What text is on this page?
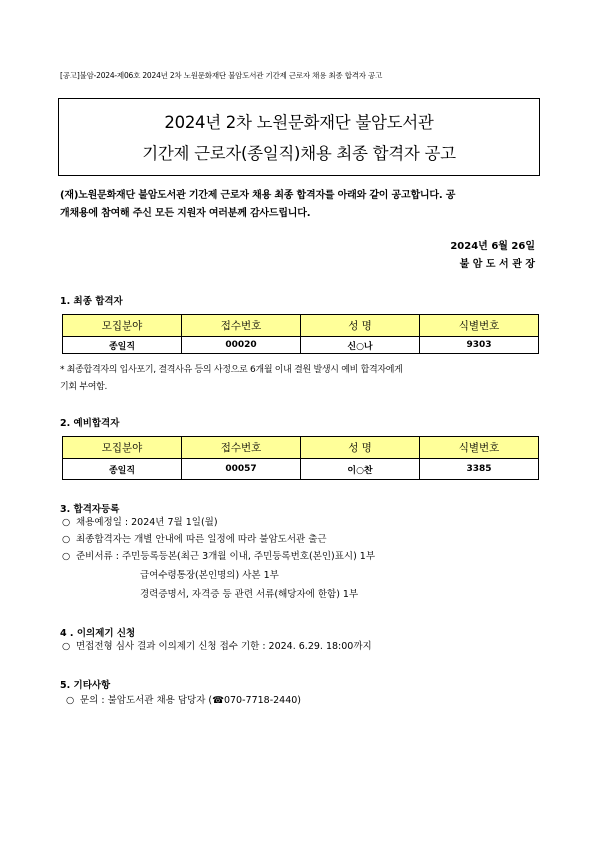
[공고]불암-2024-제06호 2024년 2차 노원문화재단 불암도서관 기간제 근로자 채용 최종 합격자 공고
2024년 2차 노원문화재단 불암도서관
기간제 근로자(종일직)채용 최종 합격자 공고
(재)노원문화재단 불암도서관 기간제 근로자 채용 최종 합격자를 아래와 같이 공고합니다. 공
개채용에 참여해 주신 모든 지원자 여러분께 감사드립니다.
2024년 6월 26일
불 암 도 서 관 장
1. 최종 합격자
모집분야	접수번호	성 명	식별번호
종일직	00020	신○나	9303
* 최종합격자의 입사포기, 결격사유 등의 사정으로 6개월 이내 결원 발생시 예비 합격자에게
기회 부여함.
2. 예비합격자
모집분야	접수번호	성 명	식별번호
종일직	00057	이○찬	3385
3. 합격자등록
○ 채용예정일 : 2024년 7월 1일(월)
○ 최종합격자는 개별 안내에 따른 일정에 따라 불암도서관 출근
○ 준비서류 : 주민등록등본(최근 3개월 이내, 주민등록번호(본인)표시) 1부
급여수령통장(본인명의) 사본 1부
경력증명서, 자격증 등 관련 서류(해당자에 한함) 1부
4 . 이의제기 신청
○ 면접전형 심사 결과 이의제기 신청 접수 기한 : 2024. 6.29. 18:00까지
5. 기타사항
○ 문의 : 불암도서관 채용 담당자 (☎070-7718-2440)
